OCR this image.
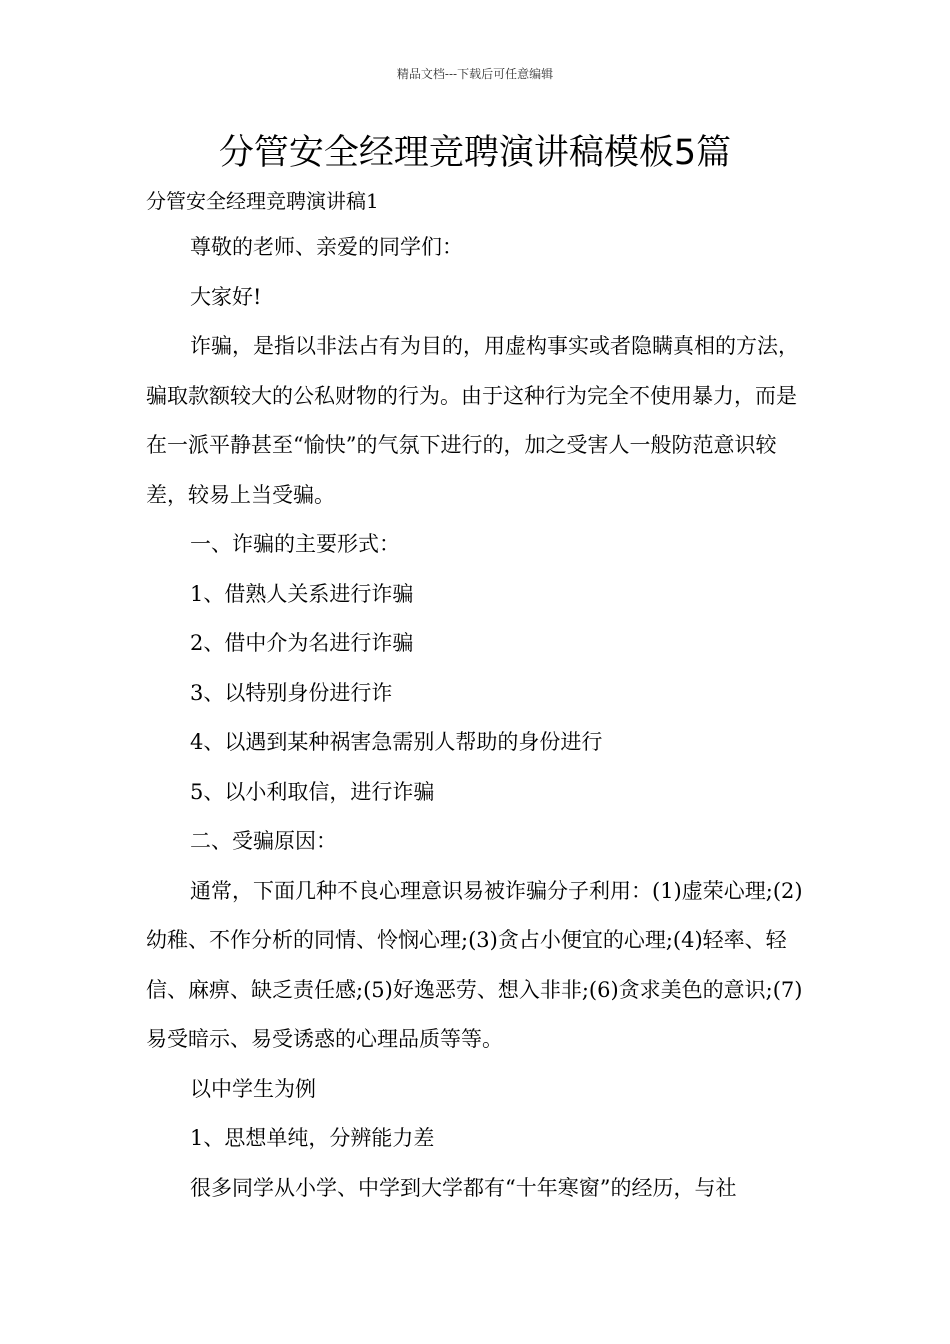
精品文档---下载后可任意编辑
分管安全经理竞聘演讲稿模板5篇
分管安全经理竞聘演讲稿1

尊敬的老师、亲爱的同学们：

大家好!

诈骗，是指以非法占有为目的，用虚构事实或者隐瞒真相的方法，骗取款额较大的公私财物的行为。由于这种行为完全不使用暴力，而是在一派平静甚至“愉快”的气氛下进行的，加之受害人一般防范意识较差，较易上当受骗。

一、诈骗的主要形式：

1、借熟人关系进行诈骗

2、借中介为名进行诈骗

3、以特别身份进行诈

4、以遇到某种祸害急需别人帮助的身份进行

5、以小利取信，进行诈骗

二、受骗原因：

通常，下面几种不良心理意识易被诈骗分子利用：(1)虚荣心理;(2)幼稚、不作分析的同情、怜悯心理;(3)贪占小便宜的心理;(4)轻率、轻信、麻痹、缺乏责任感;(5)好逸恶劳、想入非非;(6)贪求美色的意识;(7)易受暗示、易受诱惑的心理品质等等。

以中学生为例

1、思想单纯，分辨能力差

很多同学从小学、中学到大学都有“十年寒窗”的经历，与社
